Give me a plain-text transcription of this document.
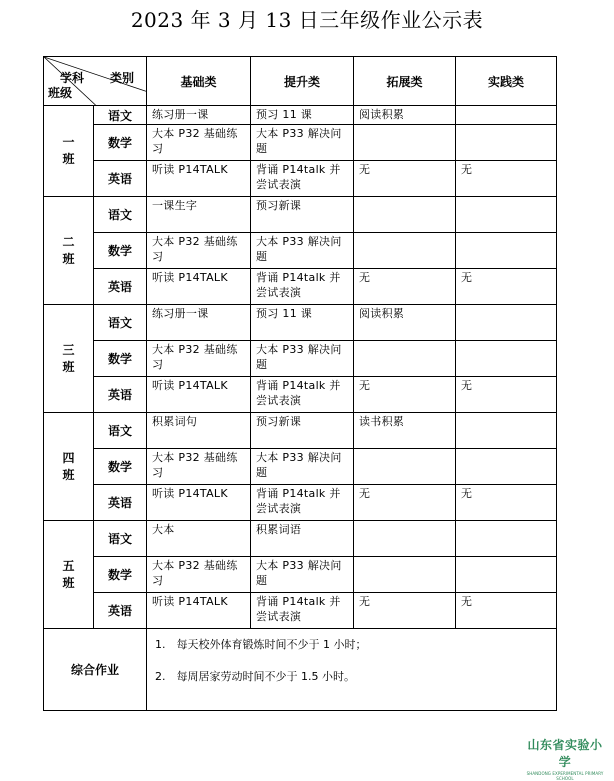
2023 年 3 月 13 日三年级作业公示表
学科 类别
班级		基础类	提升类	拓展类	实践类
一
班	语文	练习册一课	预习 11 课	阅读积累	
	数学	大本 P32 基础练习	大本 P33 解决问题		
	英语	听读 P14TALK	背诵 P14talk 并尝试表演	无	无
二
班	语文	一课生字	预习新课		
	数学	大本 P32 基础练习	大本 P33 解决问题		
	英语	听读 P14TALK	背诵 P14talk 并尝试表演	无	无
三
班	语文	练习册一课	预习 11 课	阅读积累	
	数学	大本 P32 基础练习	大本 P33 解决问题		
	英语	听读 P14TALK	背诵 P14talk 并尝试表演	无	无
四
班	语文	积累词句	预习新课	读书积累	
	数学	大本 P32 基础练习	大本 P33 解决问题		
	英语	听读 P14TALK	背诵 P14talk 并尝试表演	无	无
五
班	语文	大本	积累词语		
	数学	大本 P32 基础练习	大本 P33 解决问题		
	英语	听读 P14TALK	背诵 P14talk 并尝试表演	无	无
综合作业		1.　每天校外体育锻炼时间不少于 1 小时；

2.　每周居家劳动时间不少于 1.5 小时。			

山东省实验小学
SHANDONG EXPERIMENTAL PRIMARY SCHOOL
